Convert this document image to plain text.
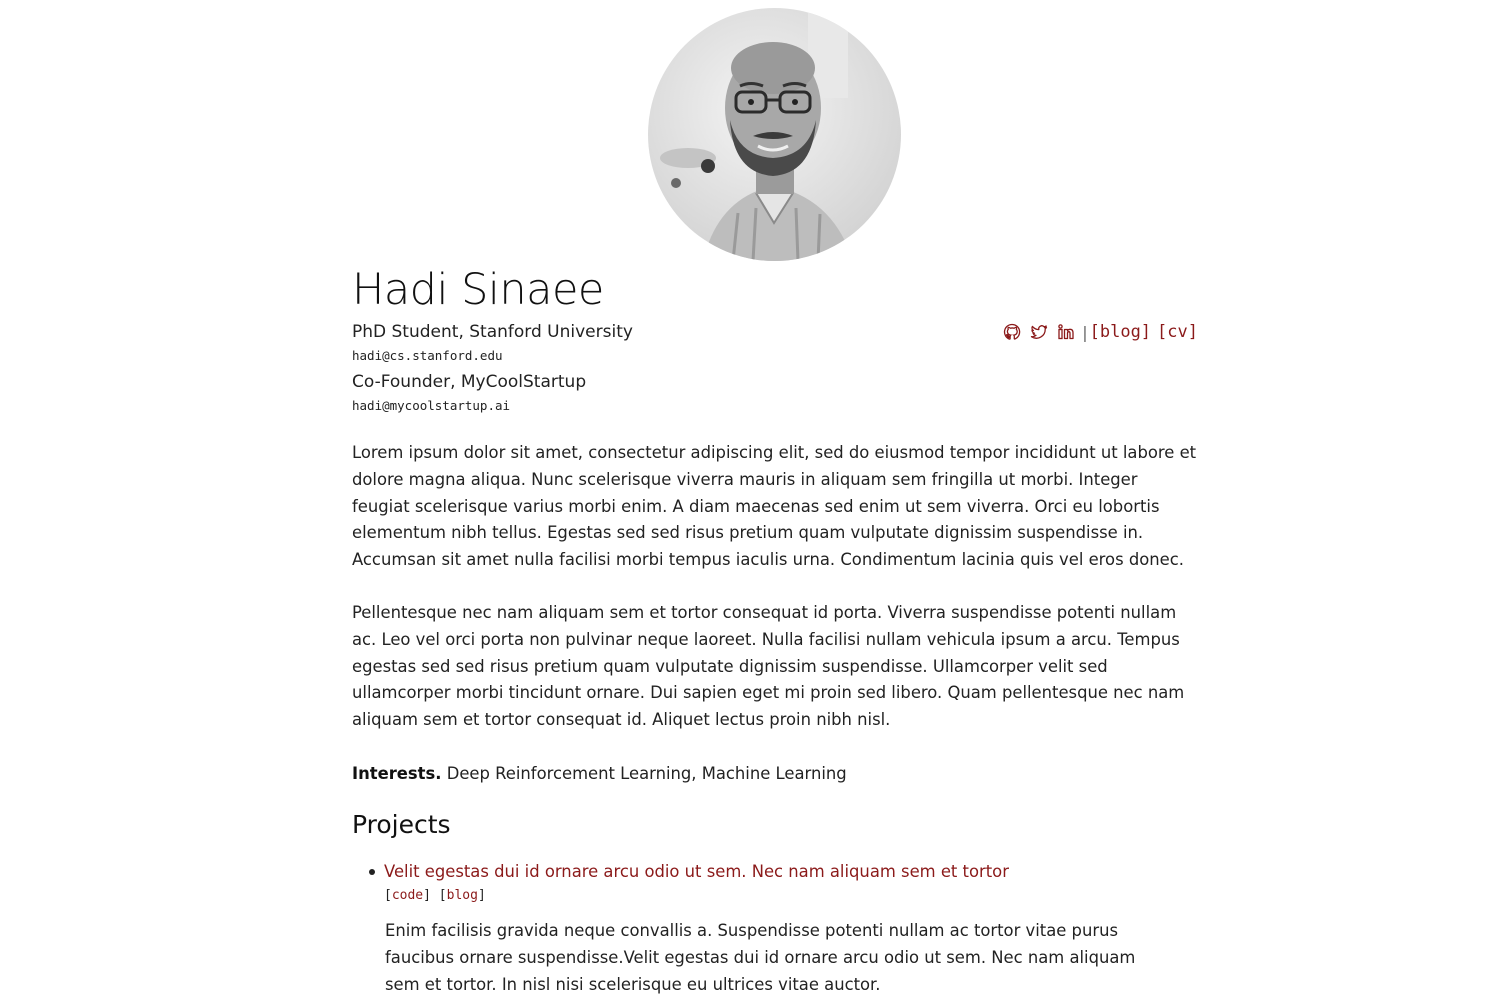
Hadi Sinaee
PhD Student, Stanford University
hadi@cs.stanford.edu
Co-Founder, MyCoolStartup
hadi@mycoolstartup.ai
| [blog] [cv]

Lorem ipsum dolor sit amet, consectetur adipiscing elit, sed do eiusmod tempor incididunt ut labore et dolore magna aliqua. Nunc scelerisque viverra mauris in aliquam sem fringilla ut morbi. Integer feugiat scelerisque varius morbi enim. A diam maecenas sed enim ut sem viverra. Orci eu lobortis elementum nibh tellus. Egestas sed sed risus pretium quam vulputate dignissim suspendisse in. Accumsan sit amet nulla facilisi morbi tempus iaculis urna. Condimentum lacinia quis vel eros donec.

Pellentesque nec nam aliquam sem et tortor consequat id porta. Viverra suspendisse potenti nullam ac. Leo vel orci porta non pulvinar neque laoreet. Nulla facilisi nullam vehicula ipsum a arcu. Tempus egestas sed sed risus pretium quam vulputate dignissim suspendisse. Ullamcorper velit sed ullamcorper morbi tincidunt ornare. Dui sapien eget mi proin sed libero. Quam pellentesque nec nam aliquam sem et tortor consequat id. Aliquet lectus proin nibh nisl.

Interests. Deep Reinforcement Learning, Machine Learning
Projects
Velit egestas dui id ornare arcu odio ut sem. Nec nam aliquam sem et tortor
[code] [blog]

Enim facilisis gravida neque convallis a. Suspendisse potenti nullam ac tortor vitae purus faucibus ornare suspendisse.Velit egestas dui id ornare arcu odio ut sem. Nec nam aliquam sem et tortor. In nisl nisi scelerisque eu ultrices vitae auctor.
